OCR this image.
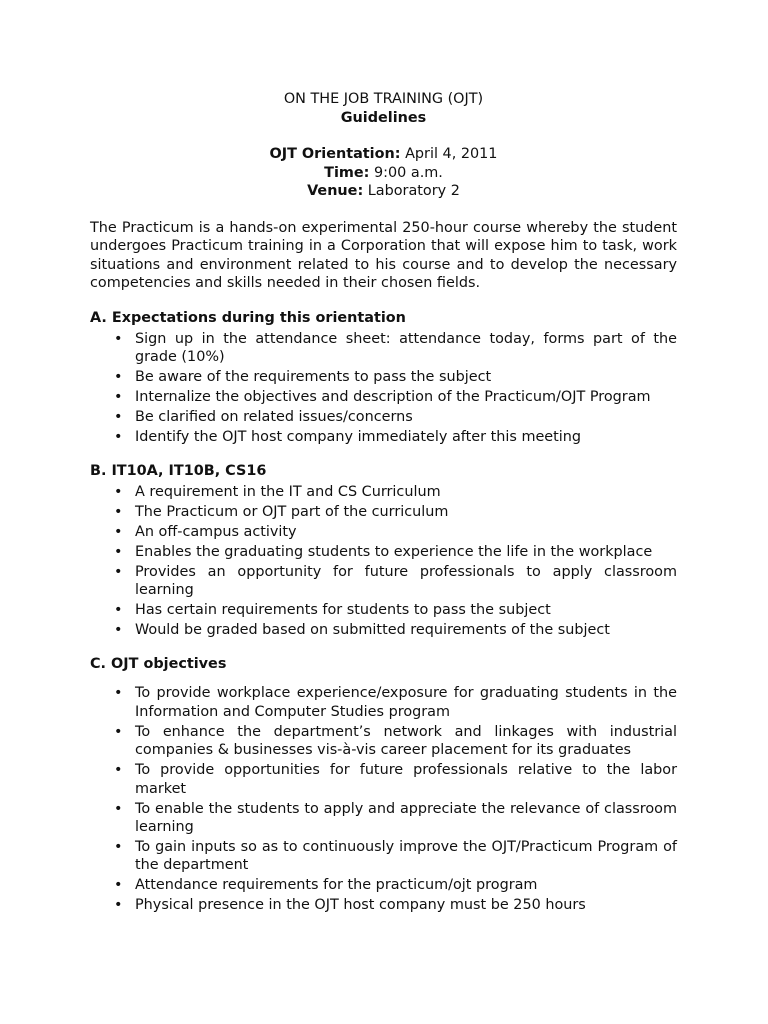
ON THE JOB TRAINING (OJT)
Guidelines
OJT Orientation: April 4, 2011
Time: 9:00 a.m.
Venue: Laboratory 2

The Practicum is a hands-on experimental 250-hour course whereby the student undergoes Practicum training in a Corporation that will expose him to task, work situations and environment related to his course and to develop the necessary competencies and skills needed in their chosen fields.

A. Expectations during this orientation
• Sign up in the attendance sheet: attendance today, forms part of the grade (10%)
• Be aware of the requirements to pass the subject
• Internalize the objectives and description of the Practicum/OJT Program
• Be clarified on related issues/concerns
• Identify the OJT host company immediately after this meeting
B. IT10A, IT10B, CS16
• A requirement in the IT and CS Curriculum
• The Practicum or OJT part of the curriculum
• An off-campus activity
• Enables the graduating students to experience the life in the workplace
• Provides an opportunity for future professionals to apply classroom learning
• Has certain requirements for students to pass the subject
• Would be graded based on submitted requirements of the subject
C. OJT objectives
• To provide workplace experience/exposure for graduating students in the Information and Computer Studies program
• To enhance the department’s network and linkages with industrial companies & businesses vis-à-vis career placement for its graduates
• To provide opportunities for future professionals relative to the labor market
• To enable the students to apply and appreciate the relevance of classroom learning
• To gain inputs so as to continuously improve the OJT/Practicum Program of the department
• Attendance requirements for the practicum/ojt program
• Physical presence in the OJT host company must be 250 hours
